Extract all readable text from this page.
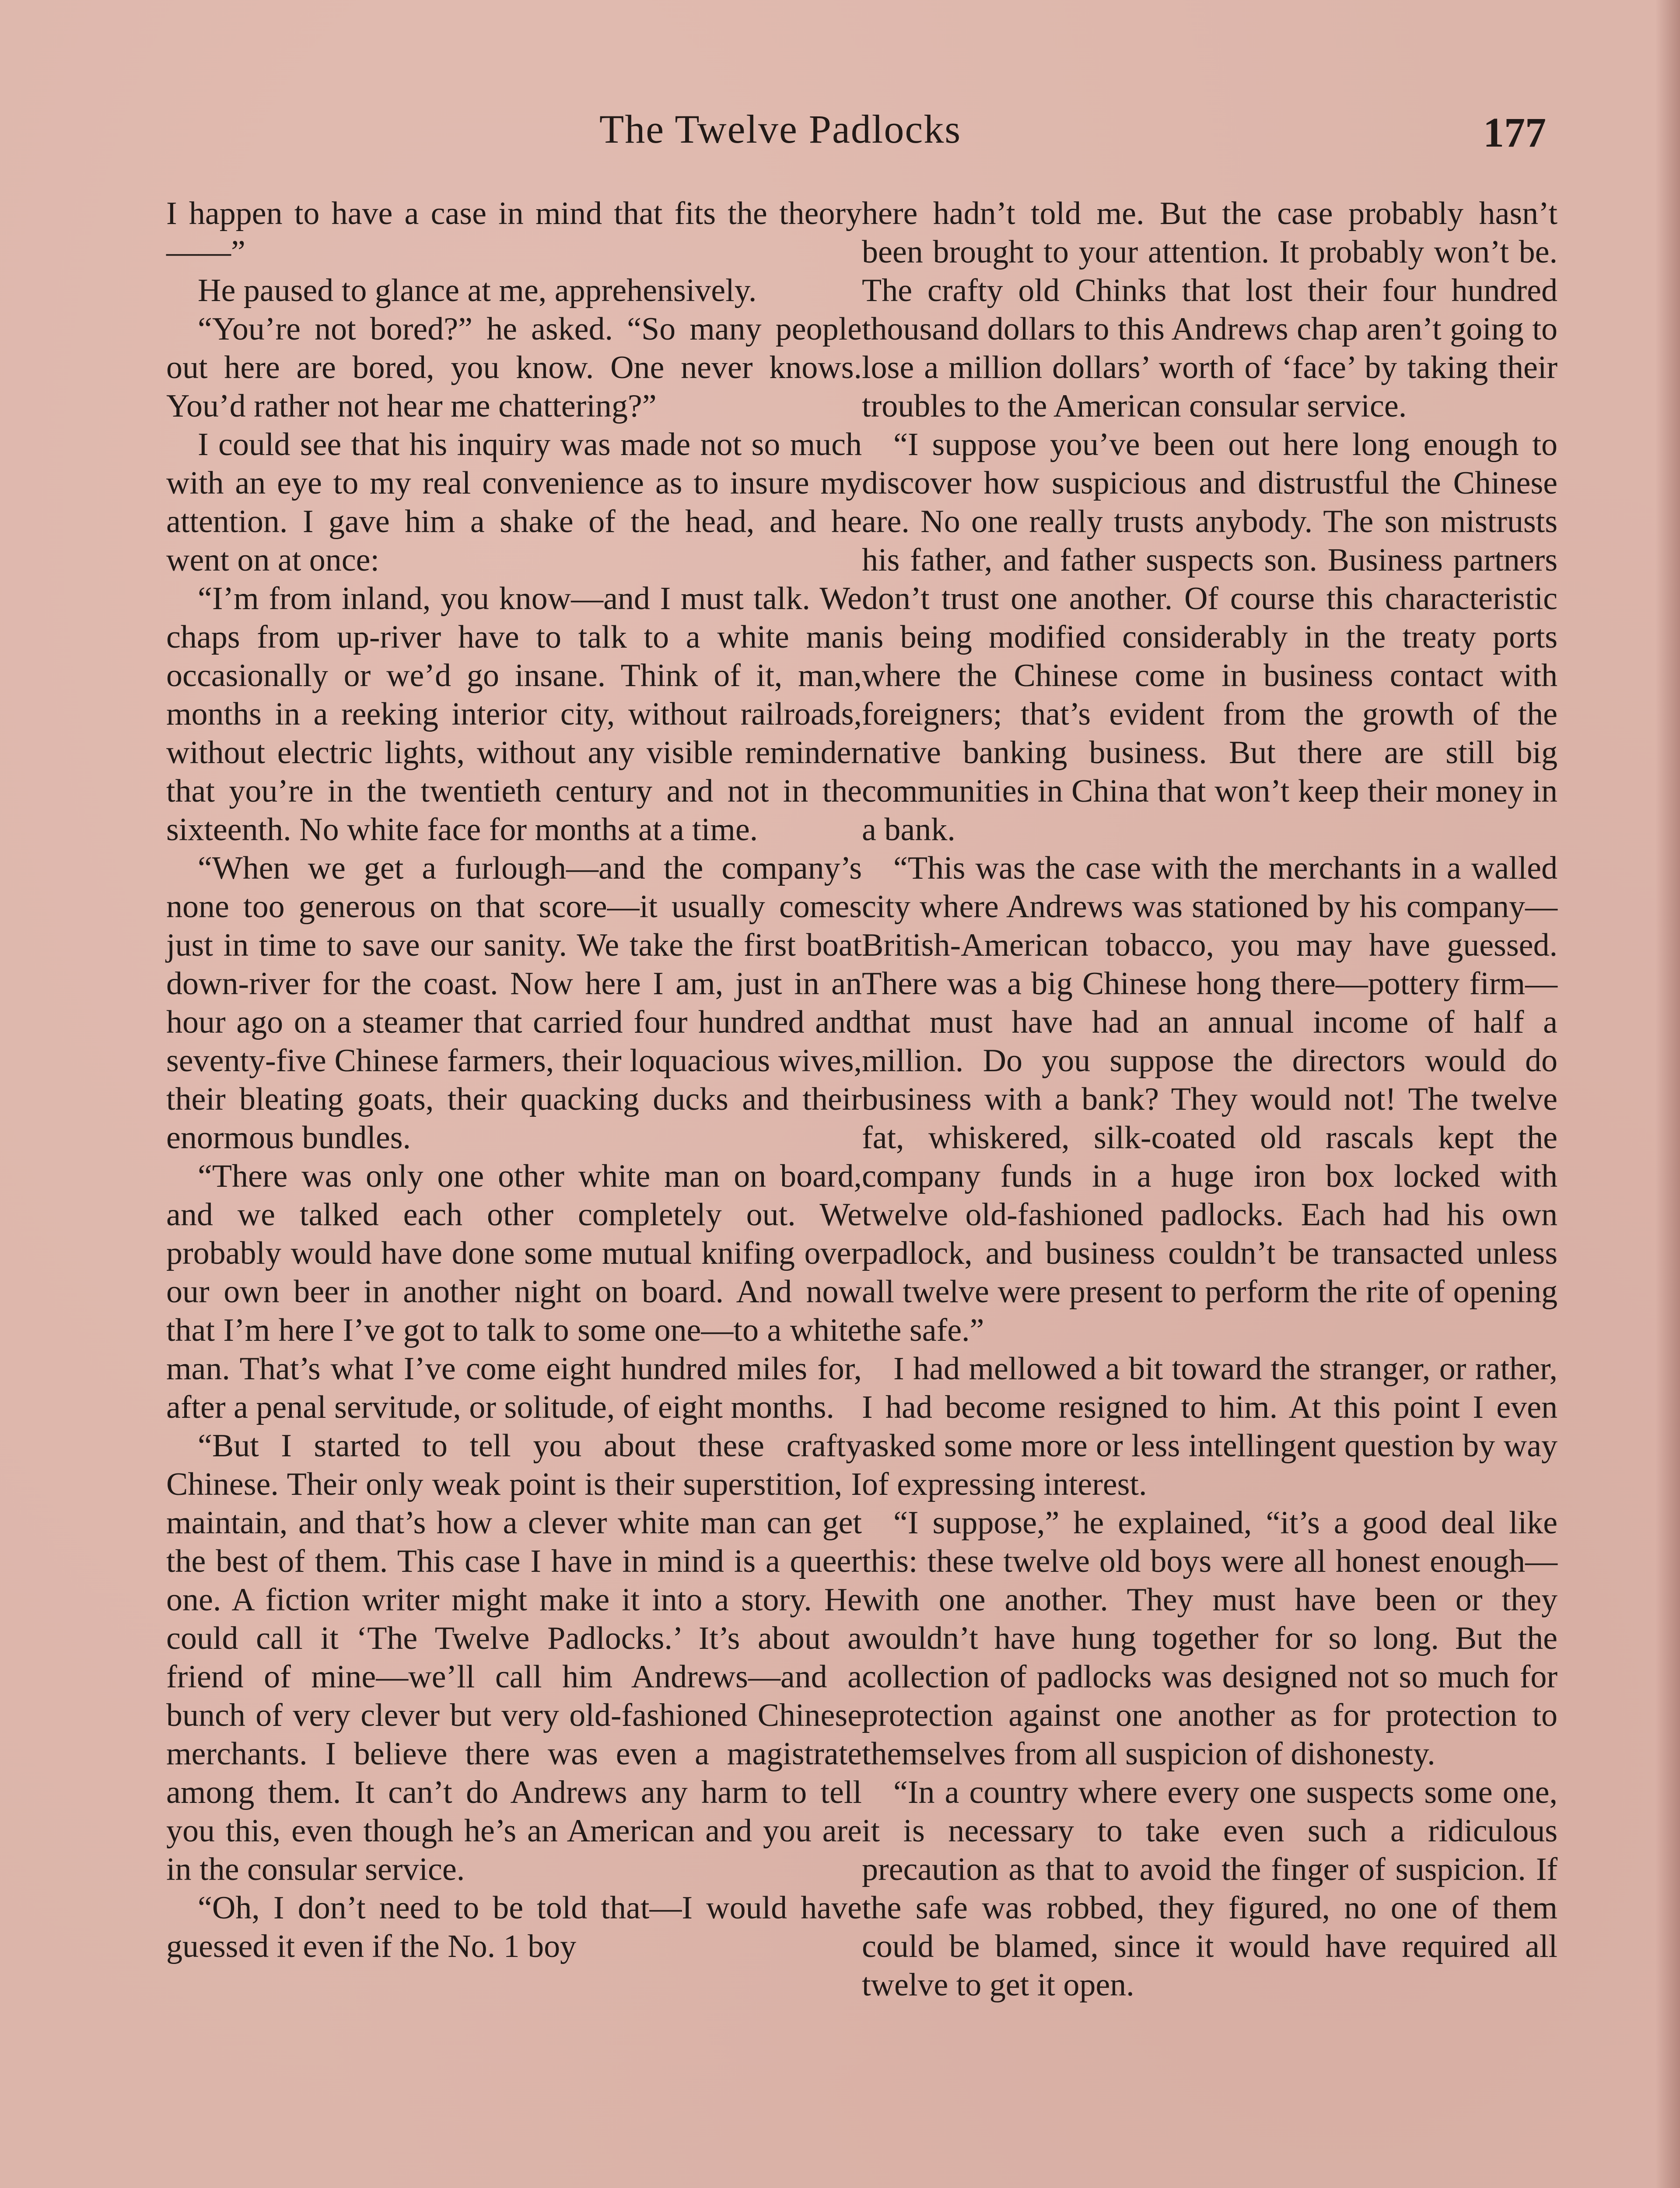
The Twelve Padlocks	177

I happen to have a case in mind that fits the theory——”

He paused to glance at me, apprehensively.

“You’re not bored?” he asked. “So many people out here are bored, you know. One never knows. You’d rather not hear me chattering?”

I could see that his inquiry was made not so much with an eye to my real convenience as to insure my attention. I gave him a shake of the head, and he went on at once:

“I’m from inland, you know—and I must talk. We chaps from up-river have to talk to a white man occasionally or we’d go insane. Think of it, man, months in a reeking interior city, without railroads, without electric lights, without any visible reminder that you’re in the twentieth century and not in the sixteenth. No white face for months at a time.

“When we get a furlough—and the company’s none too generous on that score—it usually comes just in time to save our sanity. We take the first boat down-river for the coast. Now here I am, just in an hour ago on a steamer that carried four hundred and seventy-five Chinese farmers, their loquacious wives, their bleating goats, their quacking ducks and their enormous bundles.

“There was only one other white man on board, and we talked each other completely out. We probably would have done some mutual knifing over our own beer in another night on board. And now that I’m here I’ve got to talk to some one—to a white man. That’s what I’ve come eight hundred miles for, after a penal servitude, or solitude, of eight months.

“But I started to tell you about these crafty Chinese. Their only weak point is their superstition, I maintain, and that’s how a clever white man can get the best of them. This case I have in mind is a queer one. A fiction writer might make it into a story. He could call it ‘The Twelve Padlocks.’ It’s about a friend of mine—we’ll call him Andrews—and a bunch of very clever but very old-fashioned Chinese merchants. I believe there was even a magistrate among them. It can’t do Andrews any harm to tell you this, even though he’s an American and you are in the consular service.

“Oh, I don’t need to be told that—I would have guessed it even if the No. 1 boy

here hadn’t told me. But the case probably hasn’t been brought to your attention. It probably won’t be. The crafty old Chinks that lost their four hundred thousand dollars to this Andrews chap aren’t going to lose a million dollars’ worth of ‘face’ by taking their troubles to the American consular service.

“I suppose you’ve been out here long enough to discover how suspicious and distrustful the Chinese are. No one really trusts anybody. The son mistrusts his father, and father suspects son. Business partners don’t trust one another. Of course this characteristic is being modified considerably in the treaty ports where the Chinese come in business contact with foreigners; that’s evident from the growth of the native banking business. But there are still big communities in China that won’t keep their money in a bank.

“This was the case with the merchants in a walled city where Andrews was stationed by his company—British-American tobacco, you may have guessed. There was a big Chinese hong there—pottery firm—that must have had an annual income of half a million. Do you suppose the directors would do business with a bank? They would not! The twelve fat, whiskered, silk-coated old rascals kept the company funds in a huge iron box locked with twelve old-fashioned padlocks. Each had his own padlock, and business couldn’t be transacted unless all twelve were present to perform the rite of opening the safe.”

I had mellowed a bit toward the stranger, or rather, I had become resigned to him. At this point I even asked some more or less intellingent question by way of expressing interest.

“I suppose,” he explained, “it’s a good deal like this: these twelve old boys were all honest enough—with one another. They must have been or they wouldn’t have hung together for so long. But the collection of padlocks was designed not so much for protection against one another as for protection to themselves from all suspicion of dishonesty.

“In a country where every one suspects some one, it is necessary to take even such a ridiculous precaution as that to avoid the finger of suspicion. If the safe was robbed, they figured, no one of them could be blamed, since it would have required all twelve to get it open.
